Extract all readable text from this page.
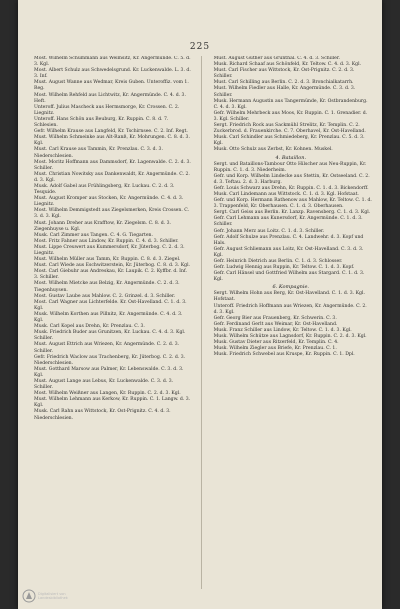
225

Most. Wilhelm Schummann aus Weimsitz, Kr. Angermünde. C. 5. d. 3. Kgl.

Most. Albert Schulz aus Schwedelsgrund. Kr. Luckenwalde. L. 3. d. 3. Inf.

Must. August Wanne aus Wedmar, Kreis Guben. Unteroffiz. vom 1. Reg.

Most. Wilhelm Rehfeld aus Lichtwitz, Kr. Angermünde. C. 4. d. 3. Heft.

Unteroff. Julius Mascheck aus Hermsmorge, Kr. Crossen. C. 2. Liegnitz.

Unteroff. Hans Schön aus Beuburg, Kr. Ruppin. C. 8. d. 7. Schlesien.

Gefr. Wilhelm Krause aus Langfeld, Kr. Tschirnsee. C. 2. Inf. Regt.

Must. Wilhelm Schmeinke aus Alt-Ranß, Kr. Mohrungen. C. 8. d. 3. Kgl.

Must. Carl Krause aus Tammin, Kr. Prenzlau. C. 3. d. 3. Niederschlesien.

Most. Moritz Hoffmann aus Dammsdorf, Kr. Lagenwalde. C. 2. d. 3. Schiller.

Must. Christian Nowitsky aus Dankenwaldt, Kr. Angermünde. C. 2. d. 3. Kgl.

Musk. Adolf Gabel aus Frühlingsberg, Kr. Luckau. C. 2. d. 3. Tesquide.

Must. August Kromper aus Stocken, Kr. Angermünde. C. 4. d. 3. Liegnitz.

Most. Wilhelm Demmigstedt aus Ziegelsmerken, Kreis Crossen. C. 3. d. 3. Kgl.

Must. Johann Dreher aus Krafftow, Kr. Ziegelsm. C. 8. d. 3. Ziegenhuyse u. Kgl.

Musk. Carl Zimmer aus Tangen. C. 4. G. Tiegarten.

Most. Fritz Fahner aus Lindow, Kr. Ruppin. C. 4. d. 3. Schiller.

Must. Lippe Creuwert aus Kummersdorf, Kr. Jüterbog. C. 2. d. 3. Liegnitz.

Must. Wilhelm Müller aus Tamm, Kr. Ruppin. C. 8. d. 3. Ziegel.

Must. Carl Wiede aus Eschwitzerstein, Kr. Jüterbog. C. 8. d. 3. Kgl.

Most. Carl Giebuhr aus Andreskau, Kr. Laupik. C. 2. Kyffbr. d. Inf. 3. Schiller.

Most. Wilhelm Mietcke aus Belzig, Kr. Angermünde. C. 2. d. 3. Tiegenhuysen.

Most. Gustav Laube aus Mahlow. C. 2. Grinzel. d. 3. Schiller.

Most. Carl Wagner aus Lichterfelde. Kr. Ost-Havelland. C. 1. d. 3. Kgl.

Musk. Wilhelm Korthen aus Pillnitz, Kr. Angermünde. C. 4. d. 3. Kgl.

Musk. Carl Kopel aus Drehn, Kr. Prenzlau. C. 3.

Musk. Friedrich Buder aus Grunitzen, Kr. Luckau. C. 4. d. 3. Kgl. Schiller.

Must. August Ettrich aus Wriezen, Kr. Angermünde. C. 2. d. 3. Schiller.

Gefr. Friedrich Waclow aus Trachenberg, Kr. Jüterbog. C. 2. d. 3. Niederschlesien.

Must. Gotthard Marsow aus Palmer, Kr. Lebenswalde. C. 3. d. 3. Kgl.

Must. August Lange aus Lebus, Kr. Luckenwalde. C. 3. d. 3. Schiller.

Most. Wilhelm Weißner aus Langen, Kr. Ruppin. C. 2. d. 3. Kgl.

Must. Wilhelm Lehmann aus Kerkow, Kr. Ruppin. C. 1. Langw. d. 3. Kgl.

Musk. Carl Rahn aus Wittstock, Kr. Ost-Prignitz. C. 4. d. 3. Niederschlesien.

Must. August Güther aus Grünthal. C. 4. d. 3. Schiller.

Musk. Richard Schaaf aus Schönfeld, Kr. Teltow. C. 4. d. 3. Kgl.

Must. Carl Fischer aus Wittstock, Kr. Ost-Prignitz. C. 2. d. 3. Schiller.

Must. Carl Schilling aus Berlin. C. 2. d. 3. Bronchialkatarrh.

Must. Wilhelm Fiedler aus Halle, Kr. Angermünde. C. 3. d. 3. Schiller.

Musk. Hermann Augustin aus Tangermünde, Kr. Ostbrandenburg. C. 4. d. 3. Kgl.

Gefr. Wilhelm Mehrbeck aus Moos, Kr. Ruppin. C. 1. Grenadier. d. 3. Kgl. Schiller.

Sergt. Friedrich Rock aus Sackmühl Strelitz, Kr. Templin. C. 2. Zuckerbrod. d. Frauenkirche. C. 7. Oberhavel, Kr. Ost-Havelland.

Musk. Carl Schindler aus Schmiedeberg, Kr. Prenzlau. C. 5. d. 3. Kgl.

Musk. Otto Schulz aus Zerbst, Kr. Kohnen. Muskel.

4. Bataillon.

Sergt. und Bataillons-Tambour Otto Hilscher aus Neu-Ruppin, Kr. Ruppin. C. 1. d. 3. Niederheim.

Gefr. und Korp. Wilhelm Lindecke aus Stettin, Kr. Ostseeland. C. 2. d. 3. Teftau. 2. d. 3. Harburg.

Gefr. Louis Schwarz aus Drehn, Kr. Ruppin. C. 1. d. 3. Bickendorff.

Musk. Carl Lindemann aus Wittstock. C. 1. d. 3. Kgl. Hofstaat.

Gefr. und Korp. Hermann Rathenow aus Mahlow, Kr. Teltow. C. 1. d. 3. Trappenfeld, Kr. Oberhausen. C. 1. d. 3. Oberhausen.

Sergt. Carl Geiss aus Berlin. Kr. Lanzp. Ravensberg. C. 1. d. 3. Kgl.

Gefr. Carl Lehmann aus Kunersdorf, Kr. Angermünde. C. 1. d. 3. Schiller.

Gefr. Johann Merz aus Loitz. C. 1. d. 3. Schiller.

Gefr. Adolf Schulze aus Prenzlau. C. 4. Landwehr. d. 3. Kopf und Hals.

Gefr. August Schliemann aus Loitz, Kr. Ost-Havelland. C. 3. d. 3. Kgl.

Gefr. Heinrich Dietrich aus Berlin. C. 1. d. 3. Schlosser.

Gefr. Ludwig Hennig aus Ruppin, Kr. Teltow. C. 1. d. 3. Kopf.

Gefr. Carl Hänsel und Gottfried Wilhelm aus Stargard. C. 1. d. 3. Kgl.

6. Kompagnie.

Sergt. Wilhelm Hohn aus Berg, Kr. Ost-Havelland. C. 1. d. 3. Kgl. Hofstaat.

Unteroff. Friedrich Hoffmann aus Wriezen, Kr. Angermünde. C. 2. d. 3. Kgl.

Gefr. Georg Bier aus Frauenberg, Kr. Schwerin. C. 3.

Gefr. Ferdinand Gerlt aus Weimar, Kr. Ost-Havelland.

Musk. Franz Schiller aus Lindow, Kr. Teltow. C. 1. d. 3. Kgl.

Musk. Wilhelm Schütze aus Lagnsdorf, Kr. Ruppin. C. 2. d. 3. Kgl.

Musk. Gustav Dieter aus Ritzerfeld, Kr. Templin. C. 4.

Musk. Wilhelm Ziegler aus Briefe, Kr. Prenzlau. C. 1.

Musk. Friedrich Schwebel aus Kruspe, Kr. Ruppin. C. 1. Dpl.

Digitalisiert von
Landesbibliothek
